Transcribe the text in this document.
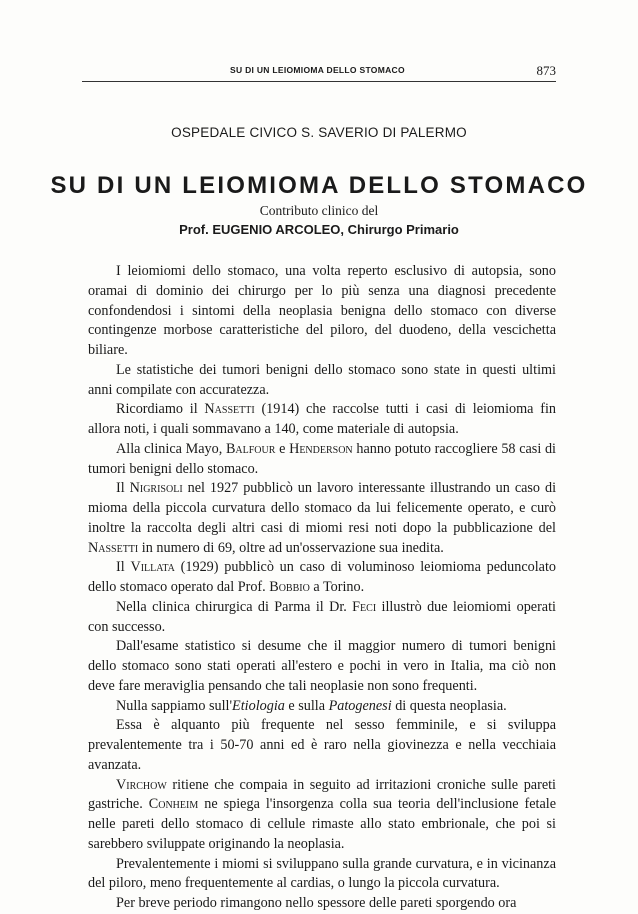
SU DI UN LEIOMIOMA DELLO STOMACO	873
OSPEDALE CIVICO S. SAVERIO DI PALERMO
SU DI UN LEIOMIOMA DELLO STOMACO
Contributo clinico del
Prof. EUGENIO ARCOLEO, Chirurgo Primario

I leiomiomi dello stomaco, una volta reperto esclusivo di autopsia, sono oramai di dominio dei chirurgo per lo più senza una diagnosi precedente confondendosi i sintomi della neoplasia benigna dello stomaco con diverse contingenze morbose caratteristiche del piloro, del duodeno, della vescichetta biliare.

Le statistiche dei tumori benigni dello stomaco sono state in questi ultimi anni compilate con accuratezza.

Ricordiamo il Nassetti (1914) che raccolse tutti i casi di leiomioma fin allora noti, i quali sommavano a 140, come materiale di autopsia.

Alla clinica Mayo, Balfour e Henderson hanno potuto raccogliere 58 casi di tumori benigni dello stomaco.

Il Nigrisoli nel 1927 pubblicò un lavoro interessante illustrando un caso di mioma della piccola curvatura dello stomaco da lui felicemente operato, e curò inoltre la raccolta degli altri casi di miomi resi noti dopo la pubblicazione del Nassetti in numero di 69, oltre ad un'osservazione sua inedita.

Il Villata (1929) pubblicò un caso di voluminoso leiomioma peduncolato dello stomaco operato dal Prof. Bobbio a Torino.

Nella clinica chirurgica di Parma il Dr. Feci illustrò due leiomiomi operati con successo.

Dall'esame statistico si desume che il maggior numero di tumori benigni dello stomaco sono stati operati all'estero e pochi in vero in Italia, ma ciò non deve fare meraviglia pensando che tali neoplasie non sono frequenti.

Nulla sappiamo sull'Etiologia e sulla Patogenesi di questa neoplasia.

Essa è alquanto più frequente nel sesso femminile, e si sviluppa prevalentemente tra i 50-70 anni ed è raro nella giovinezza e nella vecchiaia avanzata.

Virchow ritiene che compaia in seguito ad irritazioni croniche sulle pareti gastriche. Conheim ne spiega l'insorgenza colla sua teoria dell'inclusione fetale nelle pareti dello stomaco di cellule rimaste allo stato embrionale, che poi si sarebbero sviluppate originando la neoplasia.

Prevalentemente i miomi si sviluppano sulla grande curvatura, e in vicinanza del piloro, meno frequentemente al cardias, o lungo la piccola curvatura.

Per breve periodo rimangono nello spessore delle pareti sporgendo ora
